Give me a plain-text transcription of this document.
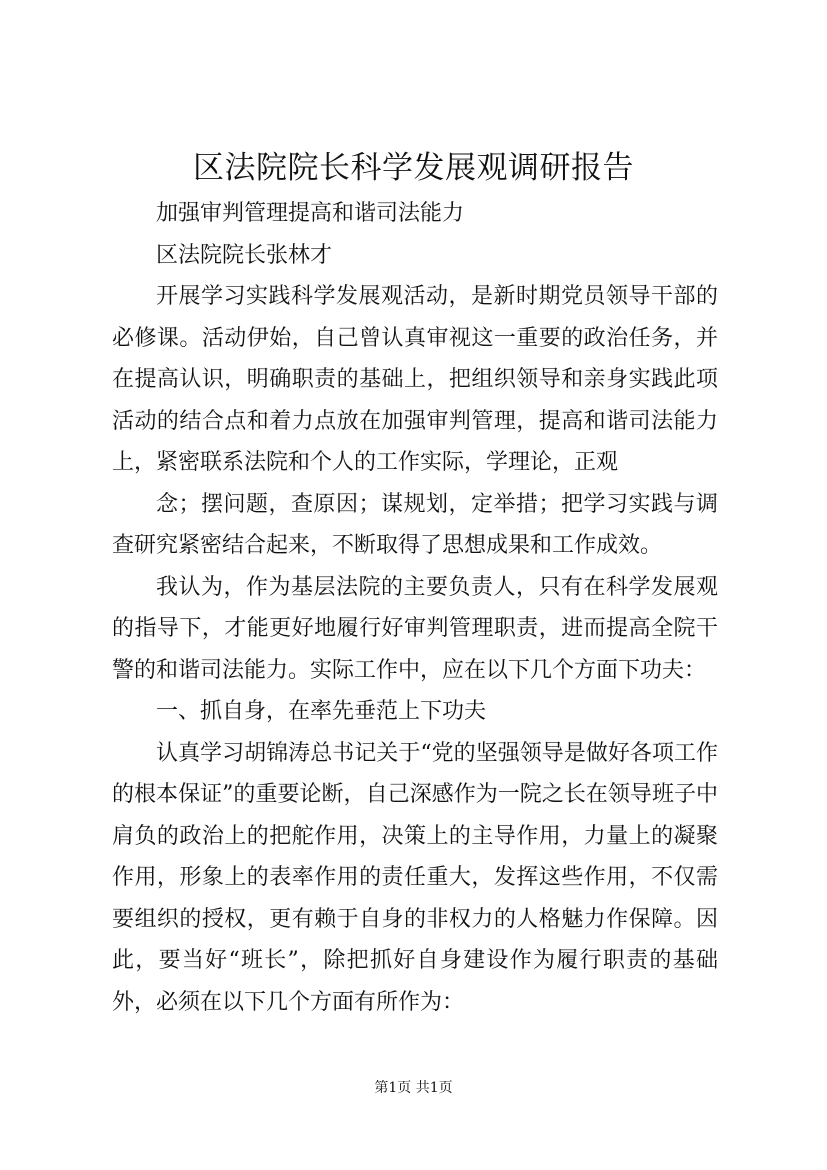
区法院院长科学发展观调研报告

加强审判管理提高和谐司法能力

区法院院长张林才

开展学习实践科学发展观活动，是新时期党员领导干部的必修课。活动伊始，自己曾认真审视这一重要的政治任务，并在提高认识，明确职责的基础上，把组织领导和亲身实践此项活动的结合点和着力点放在加强审判管理，提高和谐司法能力上，紧密联系法院和个人的工作实际，学理论，正观

念；摆问题，查原因；谋规划，定举措；把学习实践与调查研究紧密结合起来，不断取得了思想成果和工作成效。

我认为，作为基层法院的主要负责人，只有在科学发展观的指导下，才能更好地履行好审判管理职责，进而提高全院干警的和谐司法能力。实际工作中，应在以下几个方面下功夫：

一、抓自身，在率先垂范上下功夫

认真学习胡锦涛总书记关于“党的坚强领导是做好各项工作的根本保证”的重要论断，自己深感作为一院之长在领导班子中肩负的政治上的把舵作用，决策上的主导作用，力量上的凝聚作用，形象上的表率作用的责任重大，发挥这些作用，不仅需要组织的授权，更有赖于自身的非权力的人格魅力作保障。因此，要当好“班长”，除把抓好自身建设作为履行职责的基础外，必须在以下几个方面有所作为：

第1页 共1页
